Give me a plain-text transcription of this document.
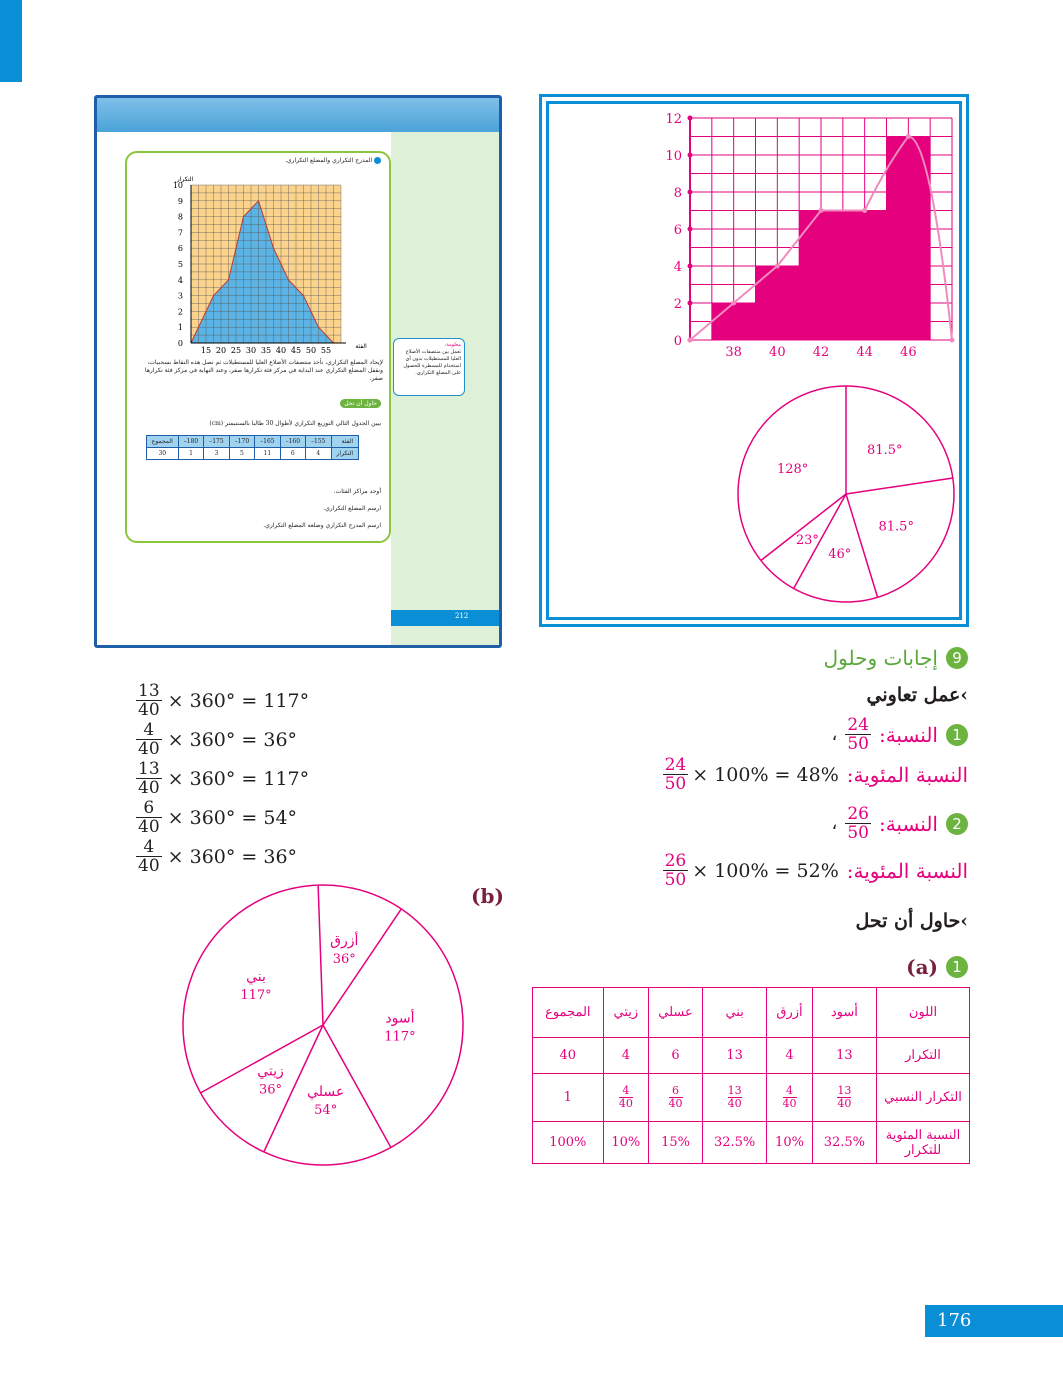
المدرج التكراري والمضلع التكراري.
0
1
2
3
4
5
6
7
8
9
10
15 20 25 30 35 40 45 50 55
التكرار
الفئة
لإيجاد المضلع التكراري، نأخذ منتصفات الأضلاع العليا للمستطيلات ثم نصل هذه النقاط بسحبيات، ونقفل المضلع التكراري عند البداية في مركز فئة تكرارها صفر، وعند النهاية في مركز فئة تكرارها صفر.
حاول أن تحل
يبين الجدول التالي التوزيع التكراري لأطوال 30 طالبا بالسنتيمتر (cm)
الفئة	155–	160–	165–	170–	175–	180–	المجموع
التكرار	4	6	11	5	3	1	30
أوجد مراكز الفئات.
ارسم المضلع التكراري.
ارسم المدرج التكراري وضلعه المضلع التكراري.
معلومة:
تعمل بين منتصفات الأضلاع العليا للمستطيلات بدون أي استخدام للمسطرة للحصول على المضلع التكراري.
212
0
2
4
6
8
10
12
38 40 42 44 46
81.5°
81.5°
46°
23°
128°
9
إجابات وحلول
›عمل تعاوني
1
النسبة:
$\frac{24}{50}$
،
النسبة المئوية:
$\frac{24}{50} \times 100\% = 48\%$
2
النسبة:
$\frac{26}{50}$
،
النسبة المئوية:
$\frac{26}{50} \times 100\% = 52\%$
›حاول أن تحل
(a) 1
(b)
اللون	أسود	أزرق	بني	عسلي	زيتي	المجموع
التكرار	13	4	13	6	4	40
التكرار النسبي	$\frac{13}{40}$	$\frac{4}{40}$	$\frac{13}{40}$	$\frac{6}{40}$	$\frac{4}{40}$	1
النسبة المئوية
للتكرار	32.5%	10%	32.5%	15%	10%	100%
$\frac{13}{40} \times 360^\circ = 117^\circ$
$\frac{4}{40} \times 360^\circ = 36^\circ$
$\frac{13}{40} \times 360^\circ = 117^\circ$
$\frac{6}{40} \times 360^\circ = 54^\circ$
$\frac{4}{40} \times 360^\circ = 36^\circ$
أسود
117°
عسلي
54°
زيتي
36°
بني
117°
أزرق
36°
176
